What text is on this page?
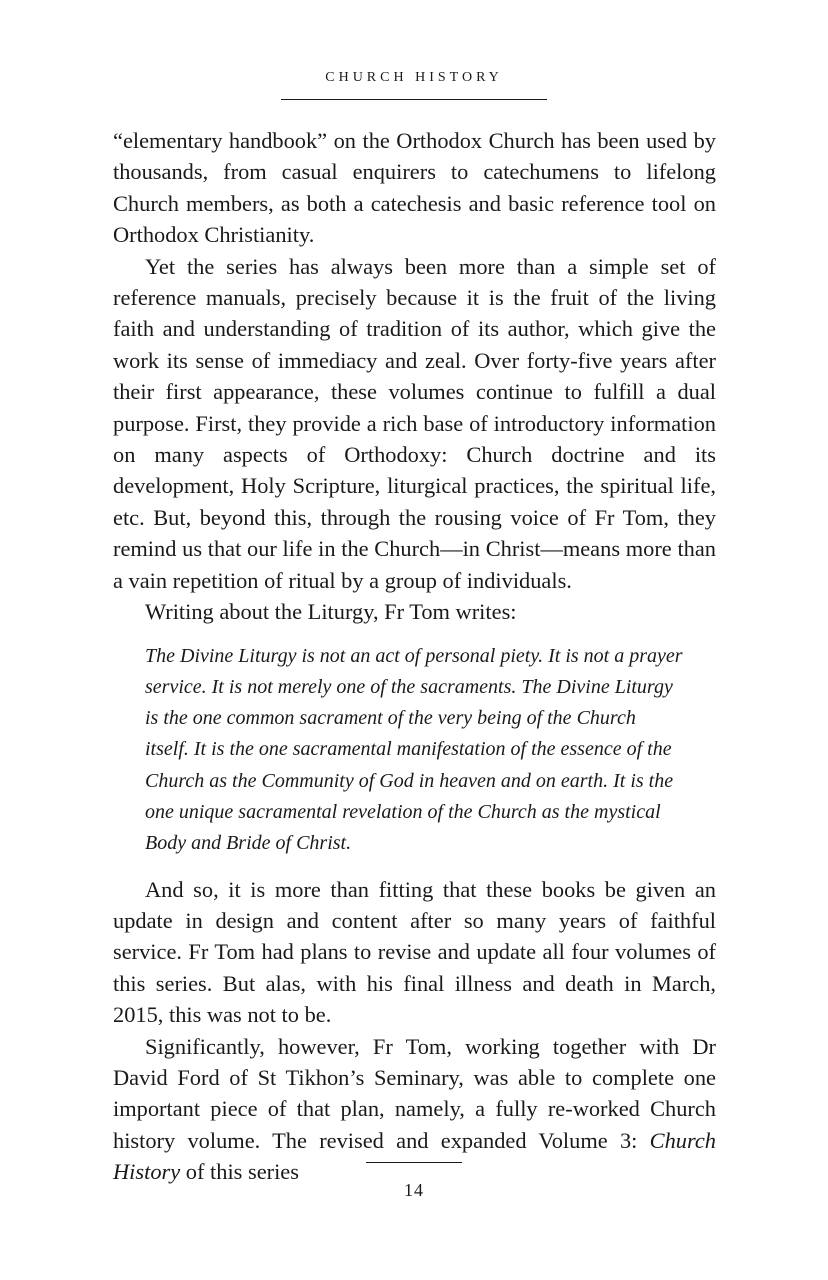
CHURCH HISTORY

“elementary handbook” on the Orthodox Church has been used by thousands, from casual enquirers to catechumens to lifelong Church members, as both a catechesis and basic reference tool on Orthodox Christianity.

Yet the series has always been more than a simple set of reference manuals, precisely because it is the fruit of the living faith and understanding of tradition of its author, which give the work its sense of immediacy and zeal. Over forty-five years after their first appearance, these volumes continue to fulfill a dual purpose. First, they provide a rich base of introductory information on many aspects of Orthodoxy: Church doctrine and its development, Holy Scripture, liturgical practices, the spiritual life, etc. But, beyond this, through the rousing voice of Fr Tom, they remind us that our life in the Church—in Christ—means more than a vain repetition of ritual by a group of individuals.

Writing about the Liturgy, Fr Tom writes:

The Divine Liturgy is not an act of personal piety. It is not a prayer service. It is not merely one of the sacraments. The Divine Liturgy is the one common sacrament of the very being of the Church itself. It is the one sacramental manifestation of the essence of the Church as the Community of God in heaven and on earth. It is the one unique sacramental revelation of the Church as the mystical Body and Bride of Christ.

And so, it is more than fitting that these books be given an update in design and content after so many years of faithful service. Fr Tom had plans to revise and update all four volumes of this series. But alas, with his final illness and death in March, 2015, this was not to be.

Significantly, however, Fr Tom, working together with Dr David Ford of St Tikhon’s Seminary, was able to complete one important piece of that plan, namely, a fully re-worked Church history volume. The revised and expanded Volume 3: Church History of this series

14
